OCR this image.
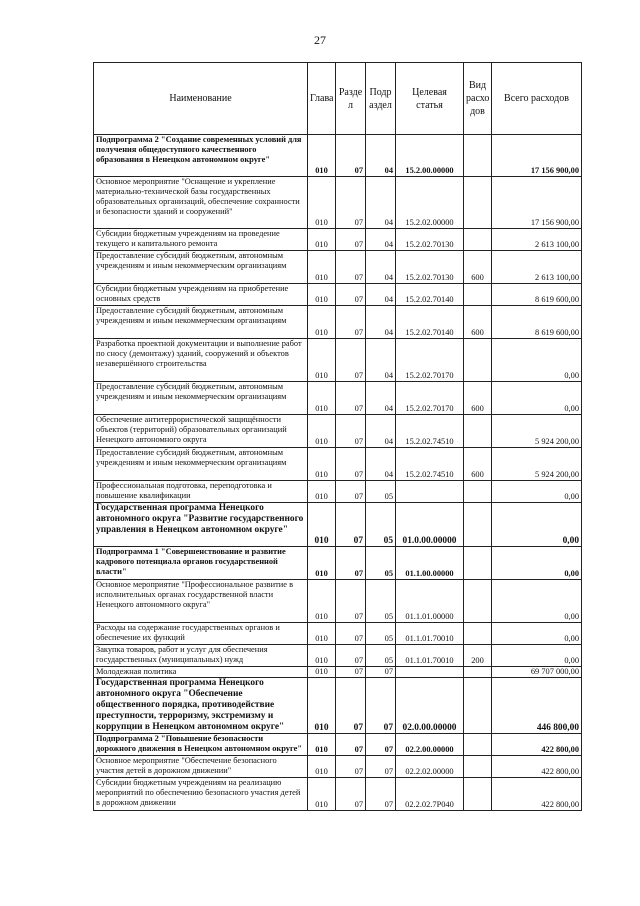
27
Наименование	Глава	Разде л	Подр аздел	Целевая статья	Вид расхо дов	Всего расходов
Подпрограмма 2 "Создание современных условий для получения общедоступного качественного образования в Ненецком автономном округе"	010	07	04	15.2.00.00000		17 156 900,00
Основное мероприятие "Оснащение и укрепление материально-технической базы государственных образовательных организаций, обеспечение сохранности и безопасности зданий и сооружений"	010	07	04	15.2.02.00000		17 156 900,00
Субсидии бюджетным учреждениям на проведение текущего и капитального ремонта	010	07	04	15.2.02.70130		2 613 100,00
Предоставление субсидий бюджетным, автономным учреждениям и иным некоммерческим организациям	010	07	04	15.2.02.70130	600	2 613 100,00
Субсидии бюджетным учреждениям на приобретение основных средств	010	07	04	15.2.02.70140		8 619 600,00
Предоставление субсидий бюджетным, автономным учреждениям и иным некоммерческим организациям	010	07	04	15.2.02.70140	600	8 619 600,00
Разработка проектной документации и выполнение работ по сносу (демонтажу) зданий, сооружений и объектов незавершённого строительства	010	07	04	15.2.02.70170		0,00
Предоставление субсидий бюджетным, автономным учреждениям и иным некоммерческим организациям	010	07	04	15.2.02.70170	600	0,00
Обеспечение антитеррористической защищённости объектов (территорий) образовательных организаций Ненецкого автономного округа	010	07	04	15.2.02.74510		5 924 200,00
Предоставление субсидий бюджетным, автономным учреждениям и иным некоммерческим организациям	010	07	04	15.2.02.74510	600	5 924 200,00
Профессиональная подготовка, переподготовка и повышение квалификации	010	07	05			0,00
Государственная программа Ненецкого автономного округа "Развитие государственного управления в Ненецком автономном округе"	010	07	05	01.0.00.00000		0,00
Подпрограмма 1 "Совершенствование и развитие кадрового потенциала органов государственной власти"	010	07	05	01.1.00.00000		0,00
Основное мероприятие "Профессиональное развитие в исполнительных органах государственной власти Ненецкого автономного округа"	010	07	05	01.1.01.00000		0,00
Расходы на содержание государственных органов и обеспечение их функций	010	07	05	01.1.01.70010		0,00
Закупка товаров, работ и услуг для обеспечения государственных (муниципальных) нужд	010	07	05	01.1.01.70010	200	0,00
Молодежная политика	010	07	07			69 707 000,00
Государственная программа Ненецкого автономного округа "Обеспечение общественного порядка, противодействие преступности, терроризму, экстремизму и коррупции в Ненецком автономном округе"	010	07	07	02.0.00.00000		446 800,00
Подпрограмма 2 "Повышение безопасности дорожного движения в Ненецком автономном округе"	010	07	07	02.2.00.00000		422 800,00
Основное мероприятие "Обеспечение безопасного участия детей в дорожном движении"	010	07	07	02.2.02.00000		422 800,00
Субсидии бюджетным учреждениям на реализацию мероприятий по обеспечению безопасного участия детей в дорожном движении	010	07	07	02.2.02.7P040		422 800,00
